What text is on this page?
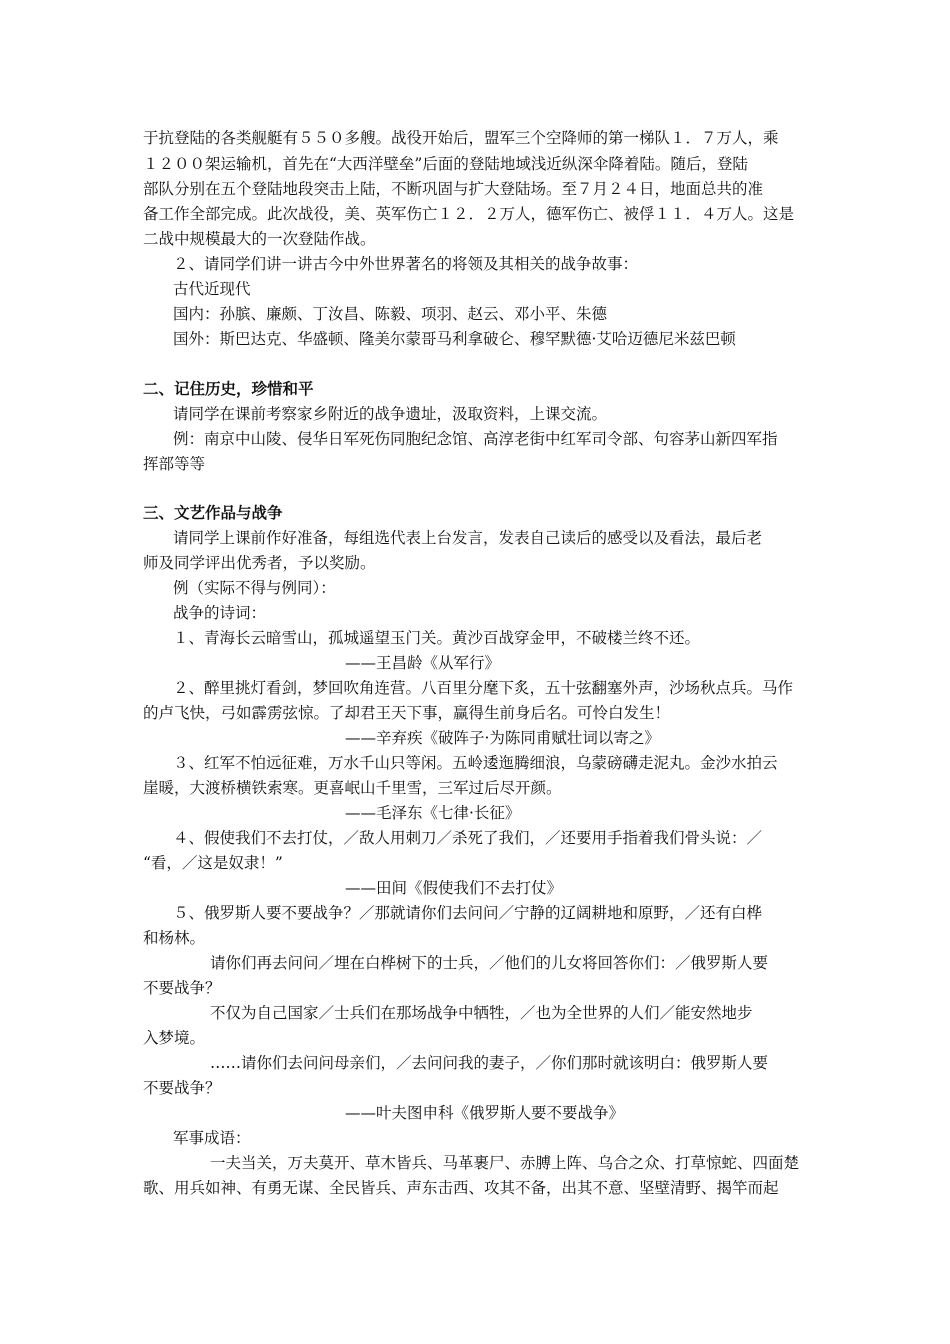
于抗登陆的各类舰艇有５５０多艘。战役开始后，盟军三个空降师的第一梯队１．７万人，乘
１２００架运输机，首先在“大西洋壁垒”后面的登陆地域浅近纵深伞降着陆。随后，登陆
部队分别在五个登陆地段突击上陆，不断巩固与扩大登陆场。至７月２４日，地面总共的准
备工作全部完成。此次战役，美、英军伤亡１２．２万人，德军伤亡、被俘１１．４万人。这是
二战中规模最大的一次登陆作战。
２、请同学们讲一讲古今中外世界著名的将领及其相关的战争故事：
古代近现代
国内：孙膑、廉颇、丁汝昌、陈毅、项羽、赵云、邓小平、朱德
国外：斯巴达克、华盛顿、隆美尔蒙哥马利拿破仑、穆罕默德·艾哈迈德尼米兹巴顿
二、记住历史，珍惜和平
请同学在课前考察家乡附近的战争遗址，汲取资料，上课交流。
例：南京中山陵、侵华日军死伤同胞纪念馆、高淳老街中红军司令部、句容茅山新四军指
挥部等等
三、文艺作品与战争
请同学上课前作好准备，每组选代表上台发言，发表自己读后的感受以及看法，最后老
师及同学评出优秀者，予以奖励。
例（实际不得与例同）：
战争的诗词：
１、青海长云暗雪山，孤城遥望玉门关。黄沙百战穿金甲，不破楼兰终不还。
——王昌龄《从军行》
２、醉里挑灯看剑，梦回吹角连营。八百里分麾下炙，五十弦翻塞外声，沙场秋点兵。马作
的卢飞快，弓如霹雳弦惊。了却君王天下事，赢得生前身后名。可怜白发生！
——辛弃疾《破阵子·为陈同甫赋壮词以寄之》
３、红军不怕远征难，万水千山只等闲。五岭逶迤腾细浪，乌蒙磅礴走泥丸。金沙水拍云
崖暖，大渡桥横铁索寒。更喜岷山千里雪，三军过后尽开颜。
——毛泽东《七律·长征》
４、假使我们不去打仗，／敌人用刺刀／杀死了我们，／还要用手指着我们骨头说：／
“看，／这是奴隶！”
——田间《假使我们不去打仗》
５、俄罗斯人要不要战争？／那就请你们去问问／宁静的辽阔耕地和原野，／还有白桦
和杨林。
请你们再去问问／埋在白桦树下的士兵，／他们的儿女将回答你们：／俄罗斯人要
不要战争？
不仅为自己国家／士兵们在那场战争中牺牲，／也为全世界的人们／能安然地步
入梦境。
……请你们去问问母亲们，／去问问我的妻子，／你们那时就该明白：俄罗斯人要
不要战争？
——叶夫图申科《俄罗斯人要不要战争》
军事成语：
一夫当关，万夫莫开、草木皆兵、马革裹尸、赤膊上阵、乌合之众、打草惊蛇、四面楚
歌、用兵如神、有勇无谋、全民皆兵、声东击西、攻其不备，出其不意、坚壁清野、揭竿而起
